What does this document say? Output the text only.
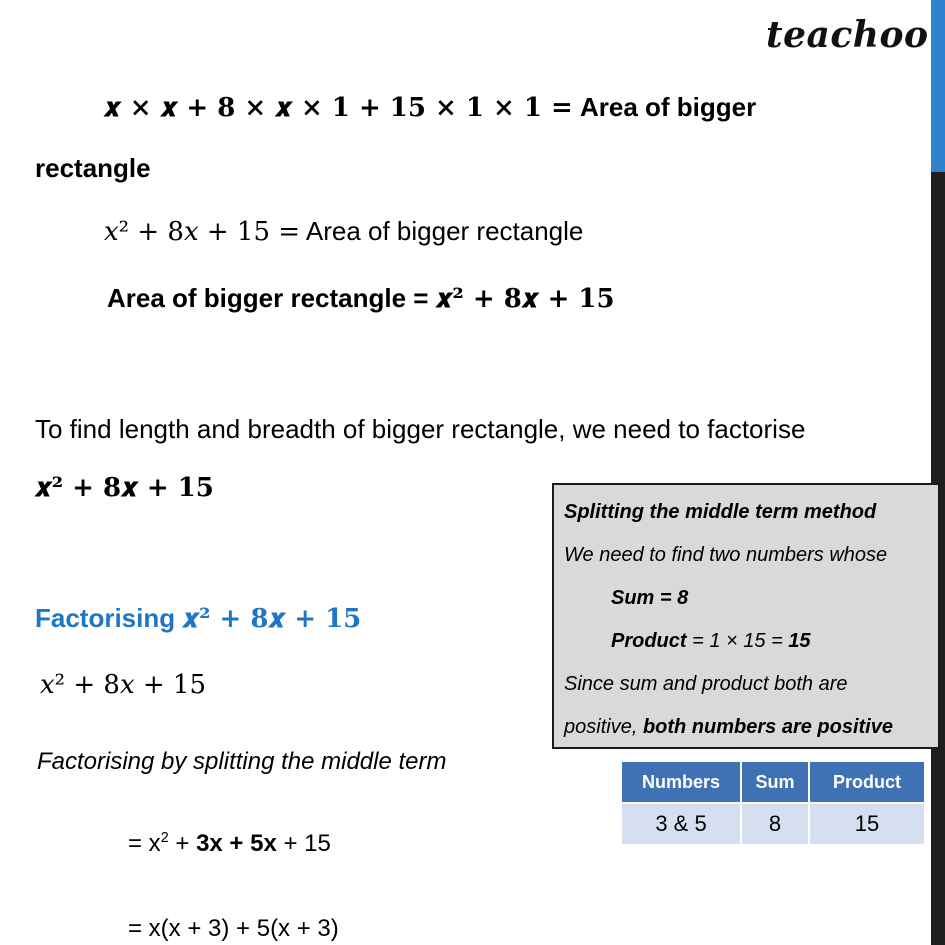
teachoo
𝒙 × 𝒙 + 𝟖 × 𝒙 × 𝟏 + 𝟏𝟓 × 𝟏 × 𝟏 = Area of bigger
rectangle
𝑥² + 8𝑥 + 15 = Area of bigger rectangle
Area of bigger rectangle = 𝒙² + 𝟖𝒙 + 𝟏𝟓
To find length and breadth of bigger rectangle, we need to factorise
𝒙² + 𝟖𝒙 + 𝟏𝟓
Factorising 𝒙² + 𝟖𝒙 + 𝟏𝟓
𝑥² + 8𝑥 + 15
Factorising by splitting the middle term
= $x^2 + 3x + 5x + 15$
= x(x + 3) + 5(x + 3)
Splitting the middle term method
We need to find two numbers whose
Sum = 8
Product = 1 × 15 = 15
Since sum and product both are
positive, both numbers are positive
Numbers	Sum	Product
3 & 5	8	15
